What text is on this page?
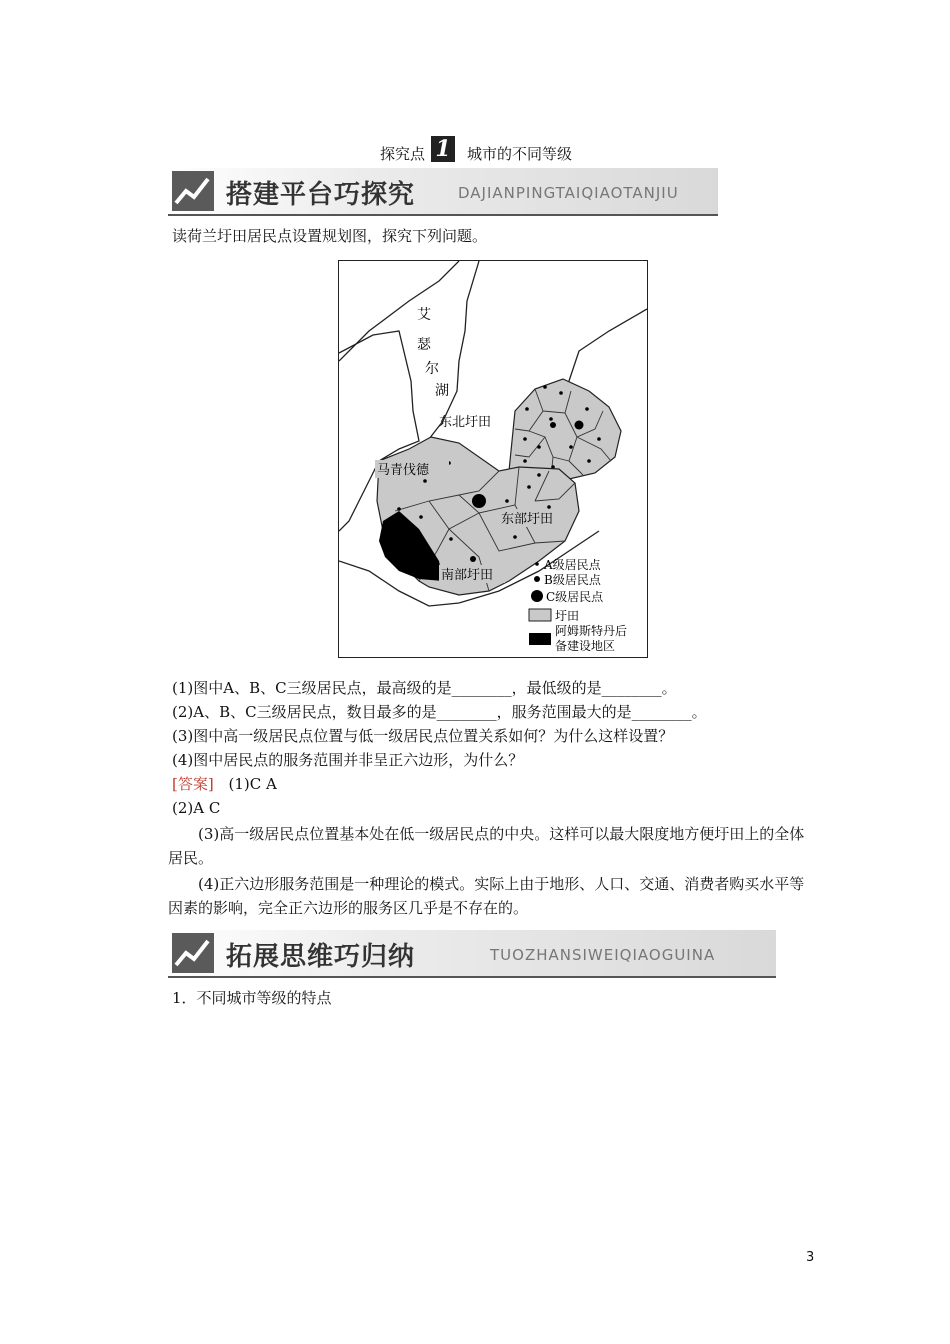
探究点 1 城市的不同等级
搭建平台巧探究	DAJIANPINGTAIQIAOTANJIU
读荷兰圩田居民点设置规划图，探究下列问题。
艾
瑟
尔
湖
东北圩田
马青伐德
东部圩田
南部圩田
A级居民点
B级居民点
C级居民点
圩田
阿姆斯特丹后
备建设地区
(1)图中A、B、C三级居民点，最高级的是________，最低级的是________。
(2)A、B、C三级居民点，数目最多的是________，服务范围最大的是________。
(3)图中高一级居民点位置与低一级居民点位置关系如何？为什么这样设置？
(4)图中居民点的服务范围并非呈正六边形，为什么？
[答案] (1)C A
(2)A C
(3)高一级居民点位置基本处在低一级居民点的中央。这样可以最大限度地方便圩田上的全体居民。
(4)正六边形服务范围是一种理论的模式。实际上由于地形、人口、交通、消费者购买水平等因素的影响，完全正六边形的服务区几乎是不存在的。
拓展思维巧归纳	TUOZHANSIWEIQIAOGUINA
1．不同城市等级的特点
3
